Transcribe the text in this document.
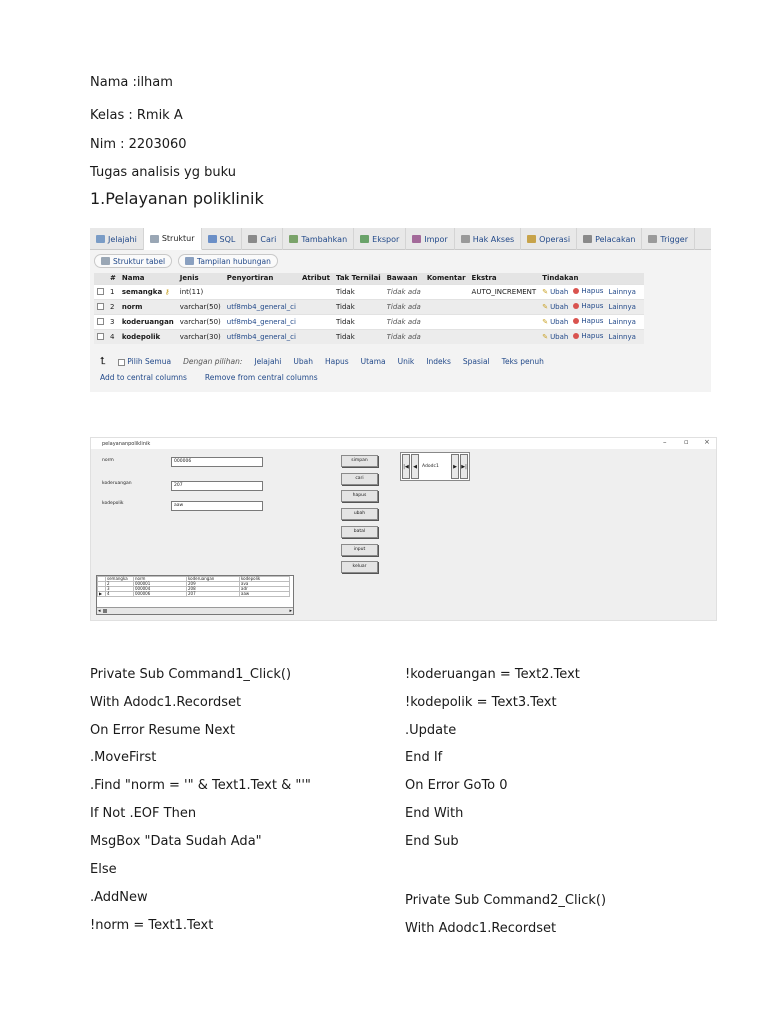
Nama :ilham
Kelas : Rmik A
Nim : 2203060
Tugas analisis yg buku
1.Pelayanan poliklinik
Jelajahi	Struktur	SQL	Cari	Tambahkan	Ekspor	Impor	Hak Akses	Operasi	Pelacakan	Trigger
Struktur tabel	Tampilan hubungan
	#	Nama	Jenis	Penyortiran	Atribut	Tak Ternilai	Bawaan	Komentar	Ekstra	Tindakan
	1	semangka ⚷	int(11)			Tidak	Tidak ada		AUTO_INCREMENT	✎ Ubah Hapus Lainnya

	2	norm	varchar(50)	utf8mb4_general_ci		Tidak	Tidak ada			✎ Ubah Hapus Lainnya

	3	koderuangan	varchar(50)	utf8mb4_general_ci		Tidak	Tidak ada			✎ Ubah Hapus Lainnya

	4	kodepolik	varchar(30)	utf8mb4_general_ci		Tidak	Tidak ada			✎ Ubah Hapus Lainnya
⮤	Pilih Semua Dengan pilihan: Jelajahi Ubah Hapus Utama Unik Indeks Spasial Teks penuh
Add to central columns Remove from central columns
pelayananpoliklinik	–	▫ ×
norm	000006
koderuangan	207
kodepolik	aaw
simpan
cari
hapus
ubah
batal
input
keluar
|◀ ◀	Adodc1	▶ ▶|
	semangka	norm	koderuangan	kodepolik
	2	000001	209	ava
	3	000004	208	adr
▶	4	000006	207	aaw
◂	▸
Private Sub Command1_Click()
With Adodc1.Recordset
On Error Resume Next
.MoveFirst
.Find "norm = '" & Text1.Text & "'"
If Not .EOF Then
MsgBox "Data Sudah Ada"
Else
.AddNew
!norm = Text1.Text
!koderuangan = Text2.Text
!kodepolik = Text3.Text
.Update
End If
On Error GoTo 0
End With
End Sub
Private Sub Command2_Click()
With Adodc1.Recordset
